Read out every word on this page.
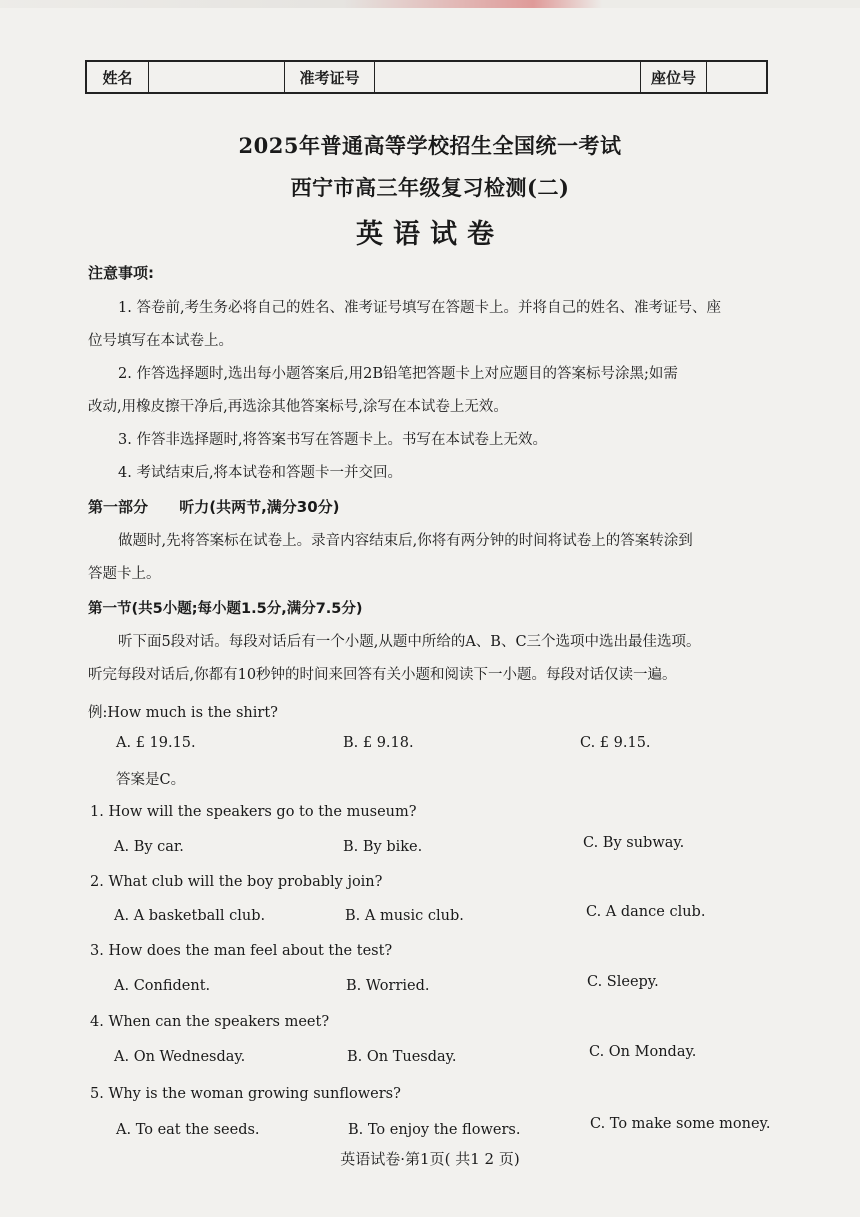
姓名	准考证号	座位号
2025年普通高等学校招生全国统一考试
西宁市高三年级复习检测(二)
英语试卷
注意事项:
1. 答卷前,考生务必将自己的姓名、准考证号填写在答题卡上。并将自己的姓名、准考证号、座
位号填写在本试卷上。
2. 作答选择题时,选出每小题答案后,用2B铅笔把答题卡上对应题目的答案标号涂黑;如需
改动,用橡皮擦干净后,再选涂其他答案标号,涂写在本试卷上无效。
3. 作答非选择题时,将答案书写在答题卡上。书写在本试卷上无效。
4. 考试结束后,将本试卷和答题卡一并交回。
第一部分 听力(共两节,满分30分)
做题时,先将答案标在试卷上。录音内容结束后,你将有两分钟的时间将试卷上的答案转涂到
答题卡上。
第一节(共5小题;每小题1.5分,满分7.5分)
听下面5段对话。每段对话后有一个小题,从题中所给的A、B、C三个选项中选出最佳选项。
听完每段对话后,你都有10秒钟的时间来回答有关小题和阅读下一小题。每段对话仅读一遍。
例:How much is the shirt?
A. £ 19.15.	B. £ 9.18.	C. £ 9.15.
答案是C。
1. How will the speakers go to the museum?
A. By car.	B. By bike.	C. By subway.
2. What club will the boy probably join?
A. A basketball club.	B. A music club.	C. A dance club.
3. How does the man feel about the test?
A. Confident.	B. Worried.	C. Sleepy.
4. When can the speakers meet?
A. On Wednesday.	B. On Tuesday.	C. On Monday.
5. Why is the woman growing sunflowers?
A. To eat the seeds.	B. To enjoy the flowers.	C. To make some money.
英语试卷·第1页( 共1 2 页)
